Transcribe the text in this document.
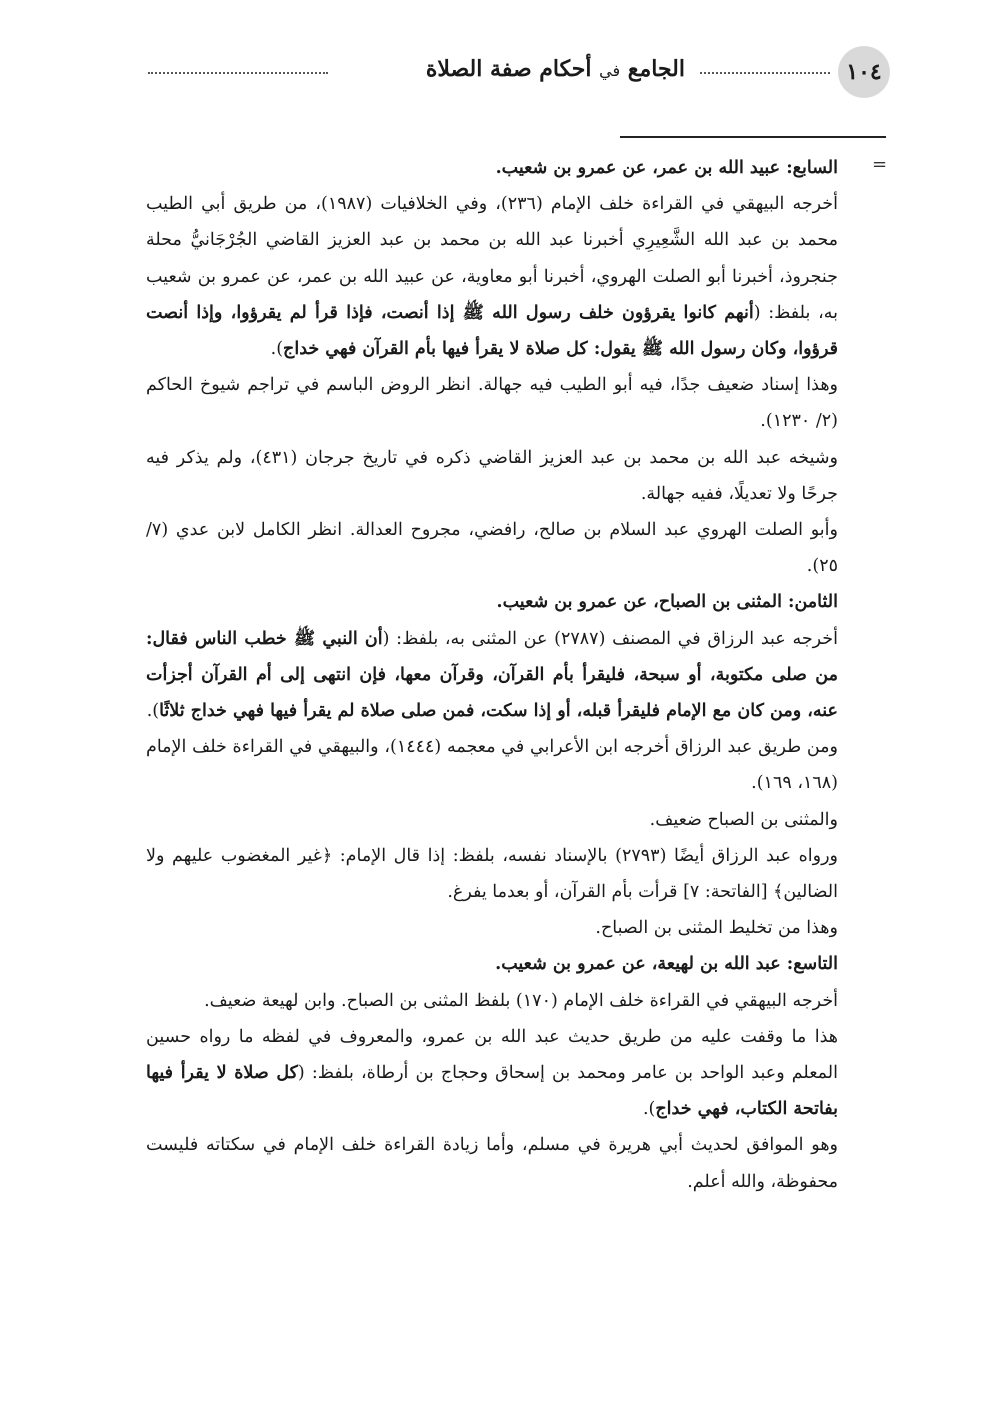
١٠٤
الجامع في أحكام صفة الصلاة
=

السابع: عبيد الله بن عمر، عن عمرو بن شعيب.

أخرجه البيهقي في القراءة خلف الإمام (٢٣٦)، وفي الخلافيات (١٩٨٧)، من طريق أبي الطيب محمد بن عبد الله الشَّعِيرِي أخبرنا عبد الله بن محمد بن عبد العزيز القاضي الجُرْجَانيُّ محلة جنجروذ، أخبرنا أبو الصلت الهروي، أخبرنا أبو معاوية، عن عبيد الله بن عمر، عن عمرو بن شعيب به، بلفظ: (أنهم كانوا يقرؤون خلف رسول الله ﷺ إذا أنصت، فإذا قرأ لم يقرؤوا، وإذا أنصت قرؤوا، وكان رسول الله ﷺ يقول: كل صلاة لا يقرأ فيها بأم القرآن فهي خداج).

وهذا إسناد ضعيف جدًا، فيه أبو الطيب فيه جهالة. انظر الروض الباسم في تراجم شيوخ الحاكم (٢/ ١٢٣٠).

وشيخه عبد الله بن محمد بن عبد العزيز القاضي ذكره في تاريخ جرجان (٤٣١)، ولم يذكر فيه جرحًا ولا تعديلًا، ففيه جهالة.

وأبو الصلت الهروي عبد السلام بن صالح، رافضي، مجروح العدالة. انظر الكامل لابن عدي (٧/ ٢٥).

الثامن: المثنى بن الصباح، عن عمرو بن شعيب.

أخرجه عبد الرزاق في المصنف (٢٧٨٧) عن المثنى به، بلفظ: (أن النبي ﷺ خطب الناس فقال: من صلى مكتوبة، أو سبحة، فليقرأ بأم القرآن، وقرآن معها، فإن انتهى إلى أم القرآن أجزأت عنه، ومن كان مع الإمام فليقرأ قبله، أو إذا سكت، فمن صلى صلاة لم يقرأ فيها فهي خداج ثلاثًا).

ومن طريق عبد الرزاق أخرجه ابن الأعرابي في معجمه (١٤٤٤)، والبيهقي في القراءة خلف الإمام (١٦٨، ١٦٩).

والمثنى بن الصباح ضعيف.

ورواه عبد الرزاق أيضًا (٢٧٩٣) بالإسناد نفسه، بلفظ: إذا قال الإمام: ﴿غير المغضوب عليهم ولا الضالين﴾ [الفاتحة: ٧] قرأت بأم القرآن، أو بعدما يفرغ.

وهذا من تخليط المثنى بن الصباح.

التاسع: عبد الله بن لهيعة، عن عمرو بن شعيب.

أخرجه البيهقي في القراءة خلف الإمام (١٧٠) بلفظ المثنى بن الصباح. وابن لهيعة ضعيف.

هذا ما وقفت عليه من طريق حديث عبد الله بن عمرو، والمعروف في لفظه ما رواه حسين المعلم وعبد الواحد بن عامر ومحمد بن إسحاق وحجاج بن أرطاة، بلفظ: (كل صلاة لا يقرأ فيها بفاتحة الكتاب، فهي خداج).

وهو الموافق لحديث أبي هريرة في مسلم، وأما زيادة القراءة خلف الإمام في سكتاته فليست محفوظة، والله أعلم.
